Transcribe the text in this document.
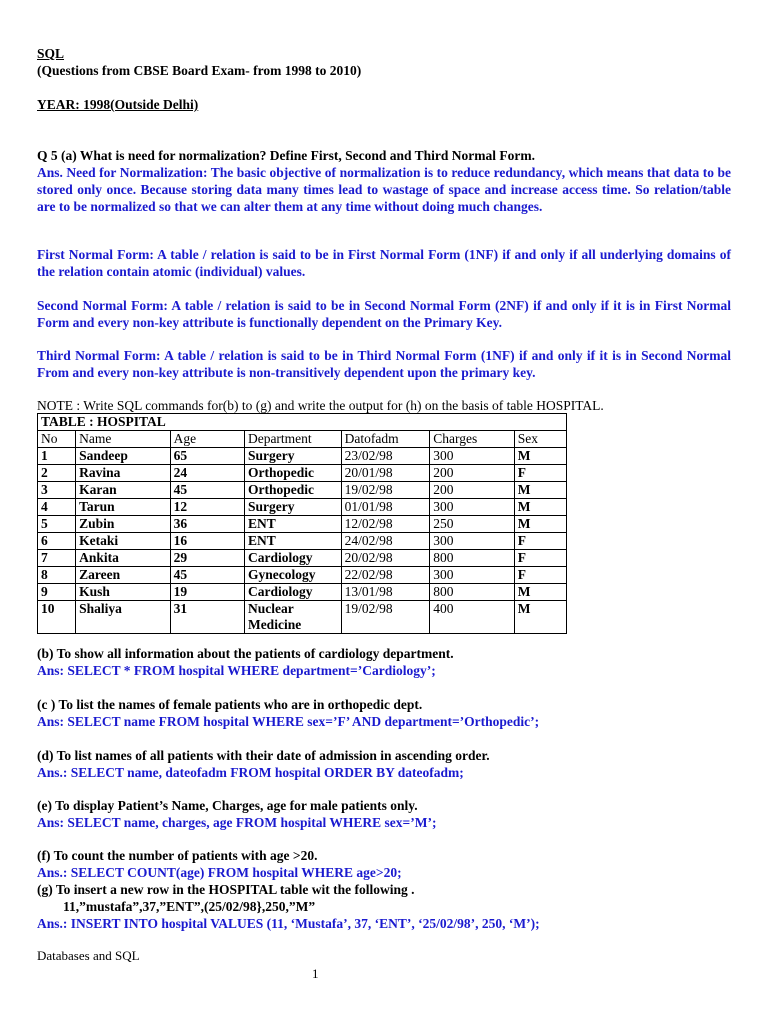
SQL
(Questions from CBSE Board Exam- from 1998 to 2010)
YEAR: 1998(Outside Delhi)
Q 5 (a) What is need for normalization? Define First, Second and Third Normal Form.
Ans. Need for Normalization: The basic objective of normalization is to reduce redundancy, which means that data to be stored only once. Because storing data many times lead to wastage of space and increase access time. So relation/table are to be normalized so that we can alter them at any time without doing much changes.
First Normal Form: A table / relation is said to be in First Normal Form (1NF) if and only if all underlying domains of the relation contain atomic (individual) values.
Second Normal Form: A table / relation is said to be in Second Normal Form (2NF) if and only if it is in First Normal Form and every non-key attribute is functionally dependent on the Primary Key.
Third Normal Form: A table / relation is said to be in Third Normal Form (1NF) if and only if it is in Second Normal From and every non-key attribute is non-transitively dependent upon the primary key.
NOTE : Write SQL commands for(b) to (g) and write the output for (h) on the basis of table HOSPITAL.
TABLE : HOSPITAL						
No	Name	Age	Department	Datofadm	Charges	Sex
1	Sandeep	65	Surgery	23/02/98	300	M
2	Ravina	24	Orthopedic	20/01/98	200	F
3	Karan	45	Orthopedic	19/02/98	200	M
4	Tarun	12	Surgery	01/01/98	300	M
5	Zubin	36	ENT	12/02/98	250	M
6	Ketaki	16	ENT	24/02/98	300	F
7	Ankita	29	Cardiology	20/02/98	800	F
8	Zareen	45	Gynecology	22/02/98	300	F
9	Kush	19	Cardiology	13/01/98	800	M
10	Shaliya	31	Nuclear Medicine	19/02/98	400	M
(b) To show all information about the patients of cardiology department.
Ans: SELECT * FROM hospital WHERE department=’Cardiology’;
(c ) To list the names of female patients who are in orthopedic dept.
Ans: SELECT name FROM hospital WHERE sex=’F’ AND department=’Orthopedic’;
(d) To list names of all patients with their date of admission in ascending order.
Ans.: SELECT name, dateofadm FROM hospital ORDER BY dateofadm;
(e) To display Patient’s Name, Charges, age for male patients only.
Ans: SELECT name, charges, age FROM hospital WHERE sex=’M’;
(f) To count the number of patients with age >20.
Ans.: SELECT COUNT(age) FROM hospital WHERE age>20;
(g) To insert a new row in the HOSPITAL table wit the following .
11,”mustafa”,37,”ENT”,(25/02/98},250,”M”
Ans.: INSERT INTO hospital VALUES (11, ‘Mustafa’, 37, ‘ENT’, ‘25/02/98’, 250, ‘M’);
Databases and SQL
1
